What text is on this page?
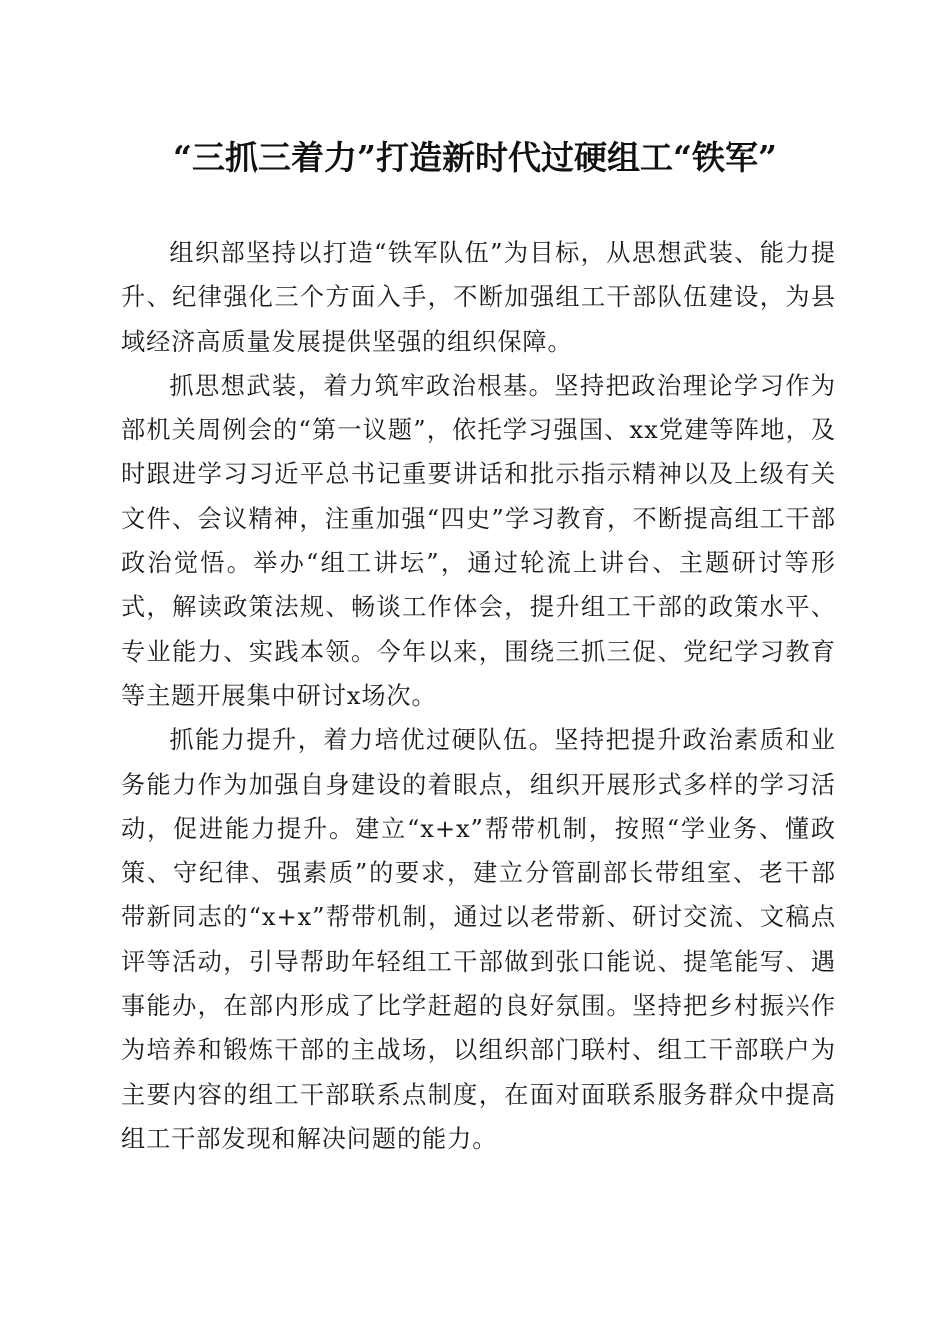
“三抓三着力”打造新时代过硬组工“铁军”

组织部坚持以打造“铁军队伍”为目标，从思想武装、能力提升、纪律强化三个方面入手，不断加强组工干部队伍建设，为县域经济高质量发展提供坚强的组织保障。

抓思想武装，着力筑牢政治根基。坚持把政治理论学习作为部机关周例会的“第一议题”，依托学习强国、xx党建等阵地，及时跟进学习习近平总书记重要讲话和批示指示精神以及上级有关文件、会议精神，注重加强“四史”学习教育，不断提高组工干部政治觉悟。举办“组工讲坛”，通过轮流上讲台、主题研讨等形式，解读政策法规、畅谈工作体会，提升组工干部的政策水平、专业能力、实践本领。今年以来，围绕三抓三促、党纪学习教育等主题开展集中研讨x场次。

抓能力提升，着力培优过硬队伍。坚持把提升政治素质和业务能力作为加强自身建设的着眼点，组织开展形式多样的学习活动，促进能力提升。建立“x+x”帮带机制，按照“学业务、懂政策、守纪律、强素质”的要求，建立分管副部长带组室、老干部带新同志的“x+x”帮带机制，通过以老带新、研讨交流、文稿点评等活动，引导帮助年轻组工干部做到张口能说、提笔能写、遇事能办，在部内形成了比学赶超的良好氛围。坚持把乡村振兴作为培养和锻炼干部的主战场，以组织部门联村、组工干部联户为主要内容的组工干部联系点制度，在面对面联系服务群众中提高组工干部发现和解决问题的能力。
